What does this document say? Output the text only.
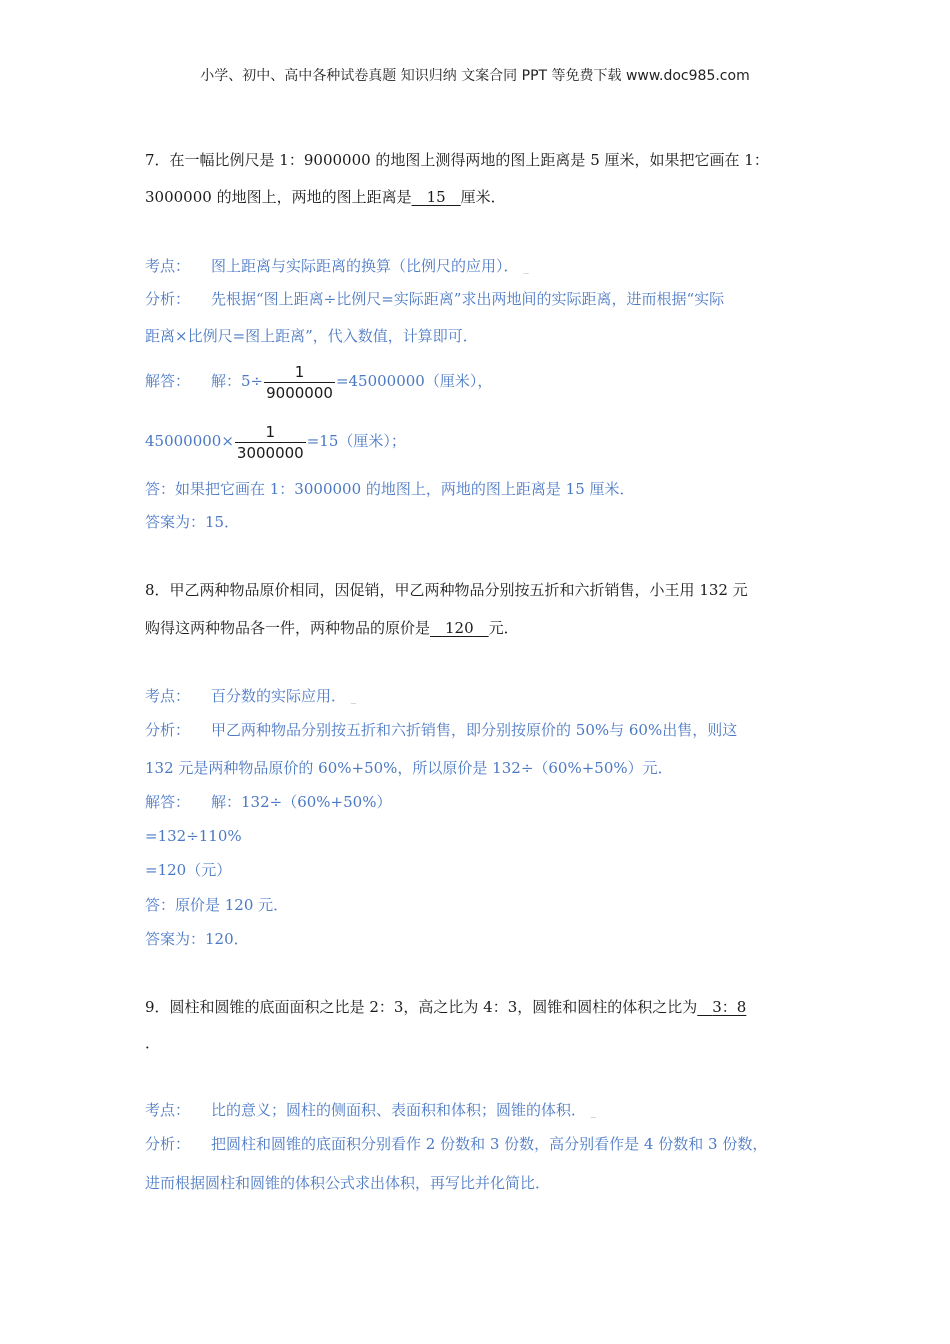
小学、初中、高中各种试卷真题 知识归纳 文案合同 PPT 等免费下载 www.doc985.com
7．在一幅比例尺是 1：9000000 的地图上测得两地的图上距离是 5 厘米，如果把它画在 1：
3000000 的地图上，两地的图上距离是  15  厘米．
考点： 图上距离与实际距离的换算（比例尺的应用）． _
分析： 先根据“图上距离÷比例尺=实际距离”求出两地间的实际距离，进而根据“实际
距离×比例尺=图上距离”，代入数值，计算即可．
解答： 解：$5\div \frac{1}{9000000} =45000000$（厘米），
$45000000\times \frac{1}{3000000} =15$（厘米）；
答：如果把它画在 1：3000000 的地图上，两地的图上距离是 15 厘米．
答案为：15．
8．甲乙两种物品原价相同，因促销，甲乙两种物品分别按五折和六折销售，小王用 132 元
购得这两种物品各一件，两种物品的原价是  120  元．
考点： 百分数的实际应用． _
分析： 甲乙两种物品分别按五折和六折销售，即分别按原价的 50%与 60%出售，则这
132 元是两种物品原价的 60%+50%，所以原价是 132÷（60%+50%）元．
解答： 解：132÷（60%+50%）
=132÷110%
=120（元）
答：原价是 120 元．
答案为：120．
9．圆柱和圆锥的底面面积之比是 2：3，高之比为 4：3，圆锥和圆柱的体积之比为  3：8
．
考点： 比的意义；圆柱的侧面积、表面积和体积；圆锥的体积． _
分析： 把圆柱和圆锥的底面积分别看作 2 份数和 3 份数，高分别看作是 4 份数和 3 份数，
进而根据圆柱和圆锥的体积公式求出体积，再写比并化简比．
